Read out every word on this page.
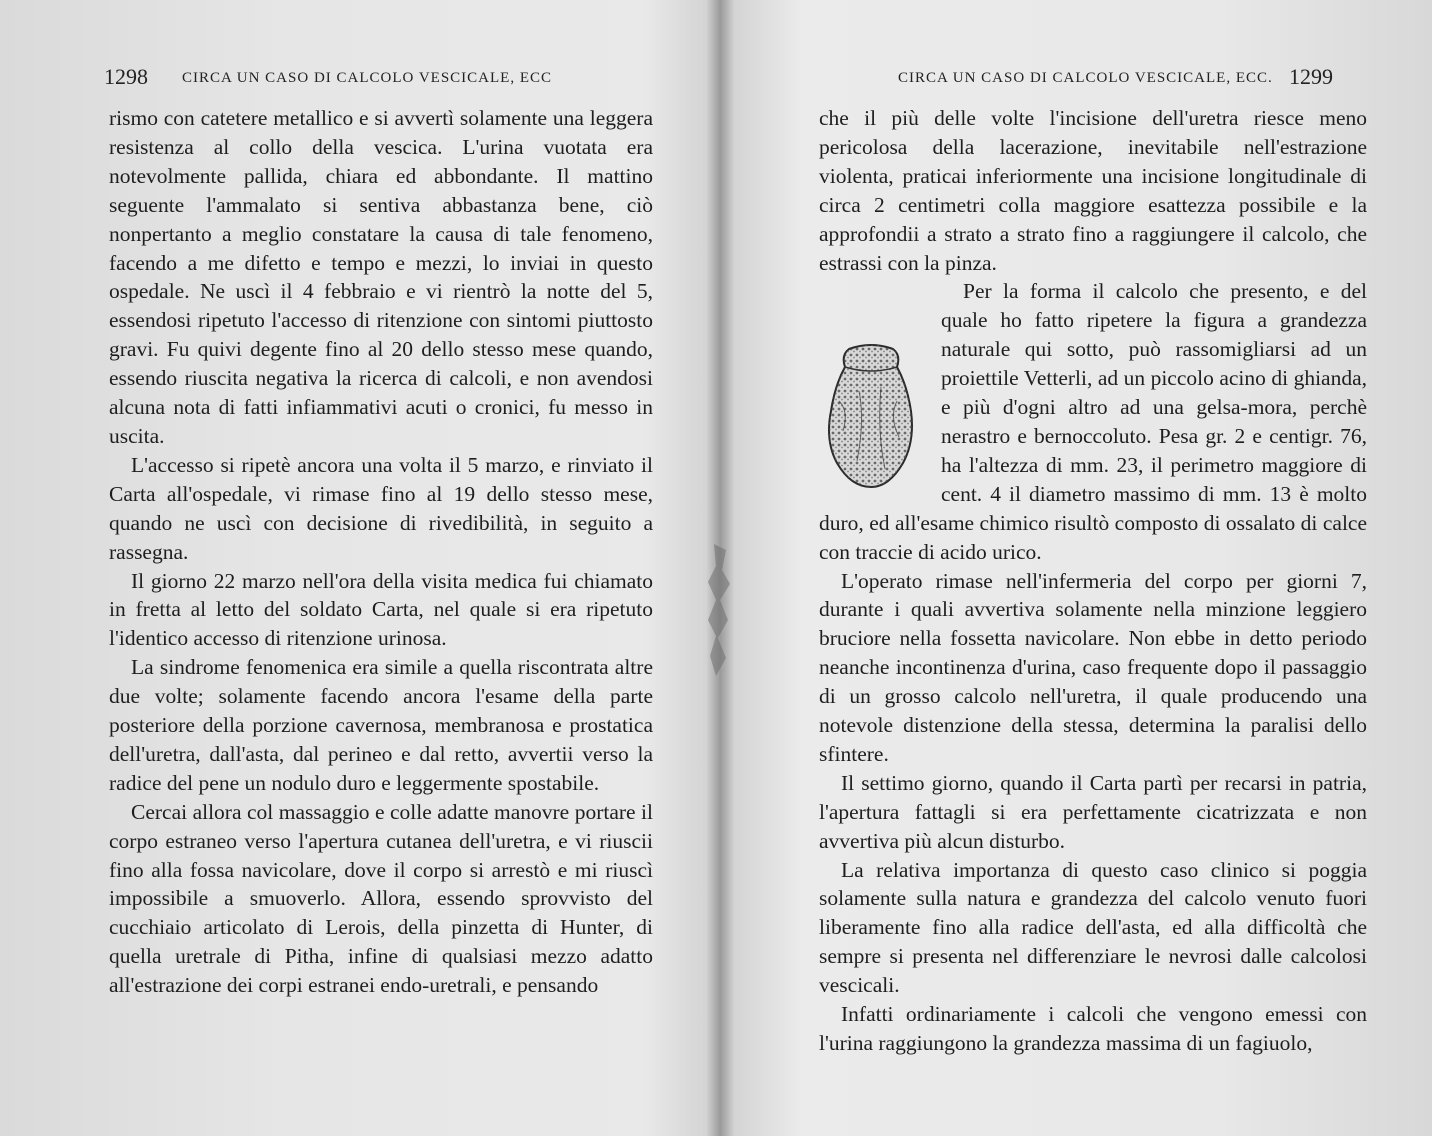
1298 CIRCA UN CASO DI CALCOLO VESCICALE, ECC

rismo con catetere metallico e si avvertì solamente una leggera resistenza al collo della vescica. L'urina vuotata era notevolmente pallida, chiara ed abbondante. Il mattino seguente l'ammalato si sentiva abbastanza bene, ciò nonpertanto a meglio constatare la causa di tale fenomeno, facendo a me difetto e tempo e mezzi, lo inviai in questo ospedale. Ne uscì il 4 febbraio e vi rientrò la notte del 5, essendosi ripetuto l'accesso di ritenzione con sintomi piuttosto gravi. Fu quivi degente fino al 20 dello stesso mese quando, essendo riuscita negativa la ricerca di calcoli, e non avendosi alcuna nota di fatti infiammativi acuti o cronici, fu messo in uscita.

L'accesso si ripetè ancora una volta il 5 marzo, e rinviato il Carta all'ospedale, vi rimase fino al 19 dello stesso mese, quando ne uscì con decisione di rivedibilità, in seguito a rassegna.

Il giorno 22 marzo nell'ora della visita medica fui chiamato in fretta al letto del soldato Carta, nel quale si era ripetuto l'identico accesso di ritenzione urinosa.

La sindrome fenomenica era simile a quella riscontrata altre due volte; solamente facendo ancora l'esame della parte posteriore della porzione cavernosa, membranosa e prostatica dell'uretra, dall'asta, dal perineo e dal retto, avvertii verso la radice del pene un nodulo duro e leggermente spostabile.

Cercai allora col massaggio e colle adatte manovre portare il corpo estraneo verso l'apertura cutanea dell'uretra, e vi riuscii fino alla fossa navicolare, dove il corpo si arrestò e mi riuscì impossibile a smuoverlo. Allora, essendo sprovvisto del cucchiaio articolato di Lerois, della pinzetta di Hunter, di quella uretrale di Pitha, infine di qualsiasi mezzo adatto all'estrazione dei corpi estranei endo-uretrali, e pensando

CIRCA UN CASO DI CALCOLO VESCICALE, ECC. 1299

che il più delle volte l'incisione dell'uretra riesce meno pericolosa della lacerazione, inevitabile nell'estrazione violenta, praticai inferiormente una incisione longitudinale di circa 2 centimetri colla maggiore esattezza possibile e la approfondii a strato a strato fino a raggiungere il calcolo, che estrassi con la pinza.

Per la forma il calcolo che presento, e del quale ho fatto ripetere la figura a grandezza naturale qui sotto, può rassomigliarsi ad un proiettile Vetterli, ad un piccolo acino di ghianda, e più d'ogni altro ad una gelsa-mora, perchè nerastro e bernoccoluto. Pesa gr. 2 e centigr. 76, ha l'altezza di mm. 23, il perimetro maggiore di cent. 4 il diametro massimo di mm. 13 è molto duro, ed all'esame chimico risultò composto di ossalato di calce con traccie di acido urico.

L'operato rimase nell'infermeria del corpo per giorni 7, durante i quali avvertiva solamente nella minzione leggiero bruciore nella fossetta navicolare. Non ebbe in detto periodo neanche incontinenza d'urina, caso frequente dopo il passaggio di un grosso calcolo nell'uretra, il quale producendo una notevole distenzione della stessa, determina la paralisi dello sfintere.

Il settimo giorno, quando il Carta partì per recarsi in patria, l'apertura fattagli si era perfettamente cicatrizzata e non avvertiva più alcun disturbo.

La relativa importanza di questo caso clinico si poggia solamente sulla natura e grandezza del calcolo venuto fuori liberamente fino alla radice dell'asta, ed alla difficoltà che sempre si presenta nel differenziare le nevrosi dalle calcolosi vescicali.

Infatti ordinariamente i calcoli che vengono emessi con l'urina raggiungono la grandezza massima di un fagiuolo,
